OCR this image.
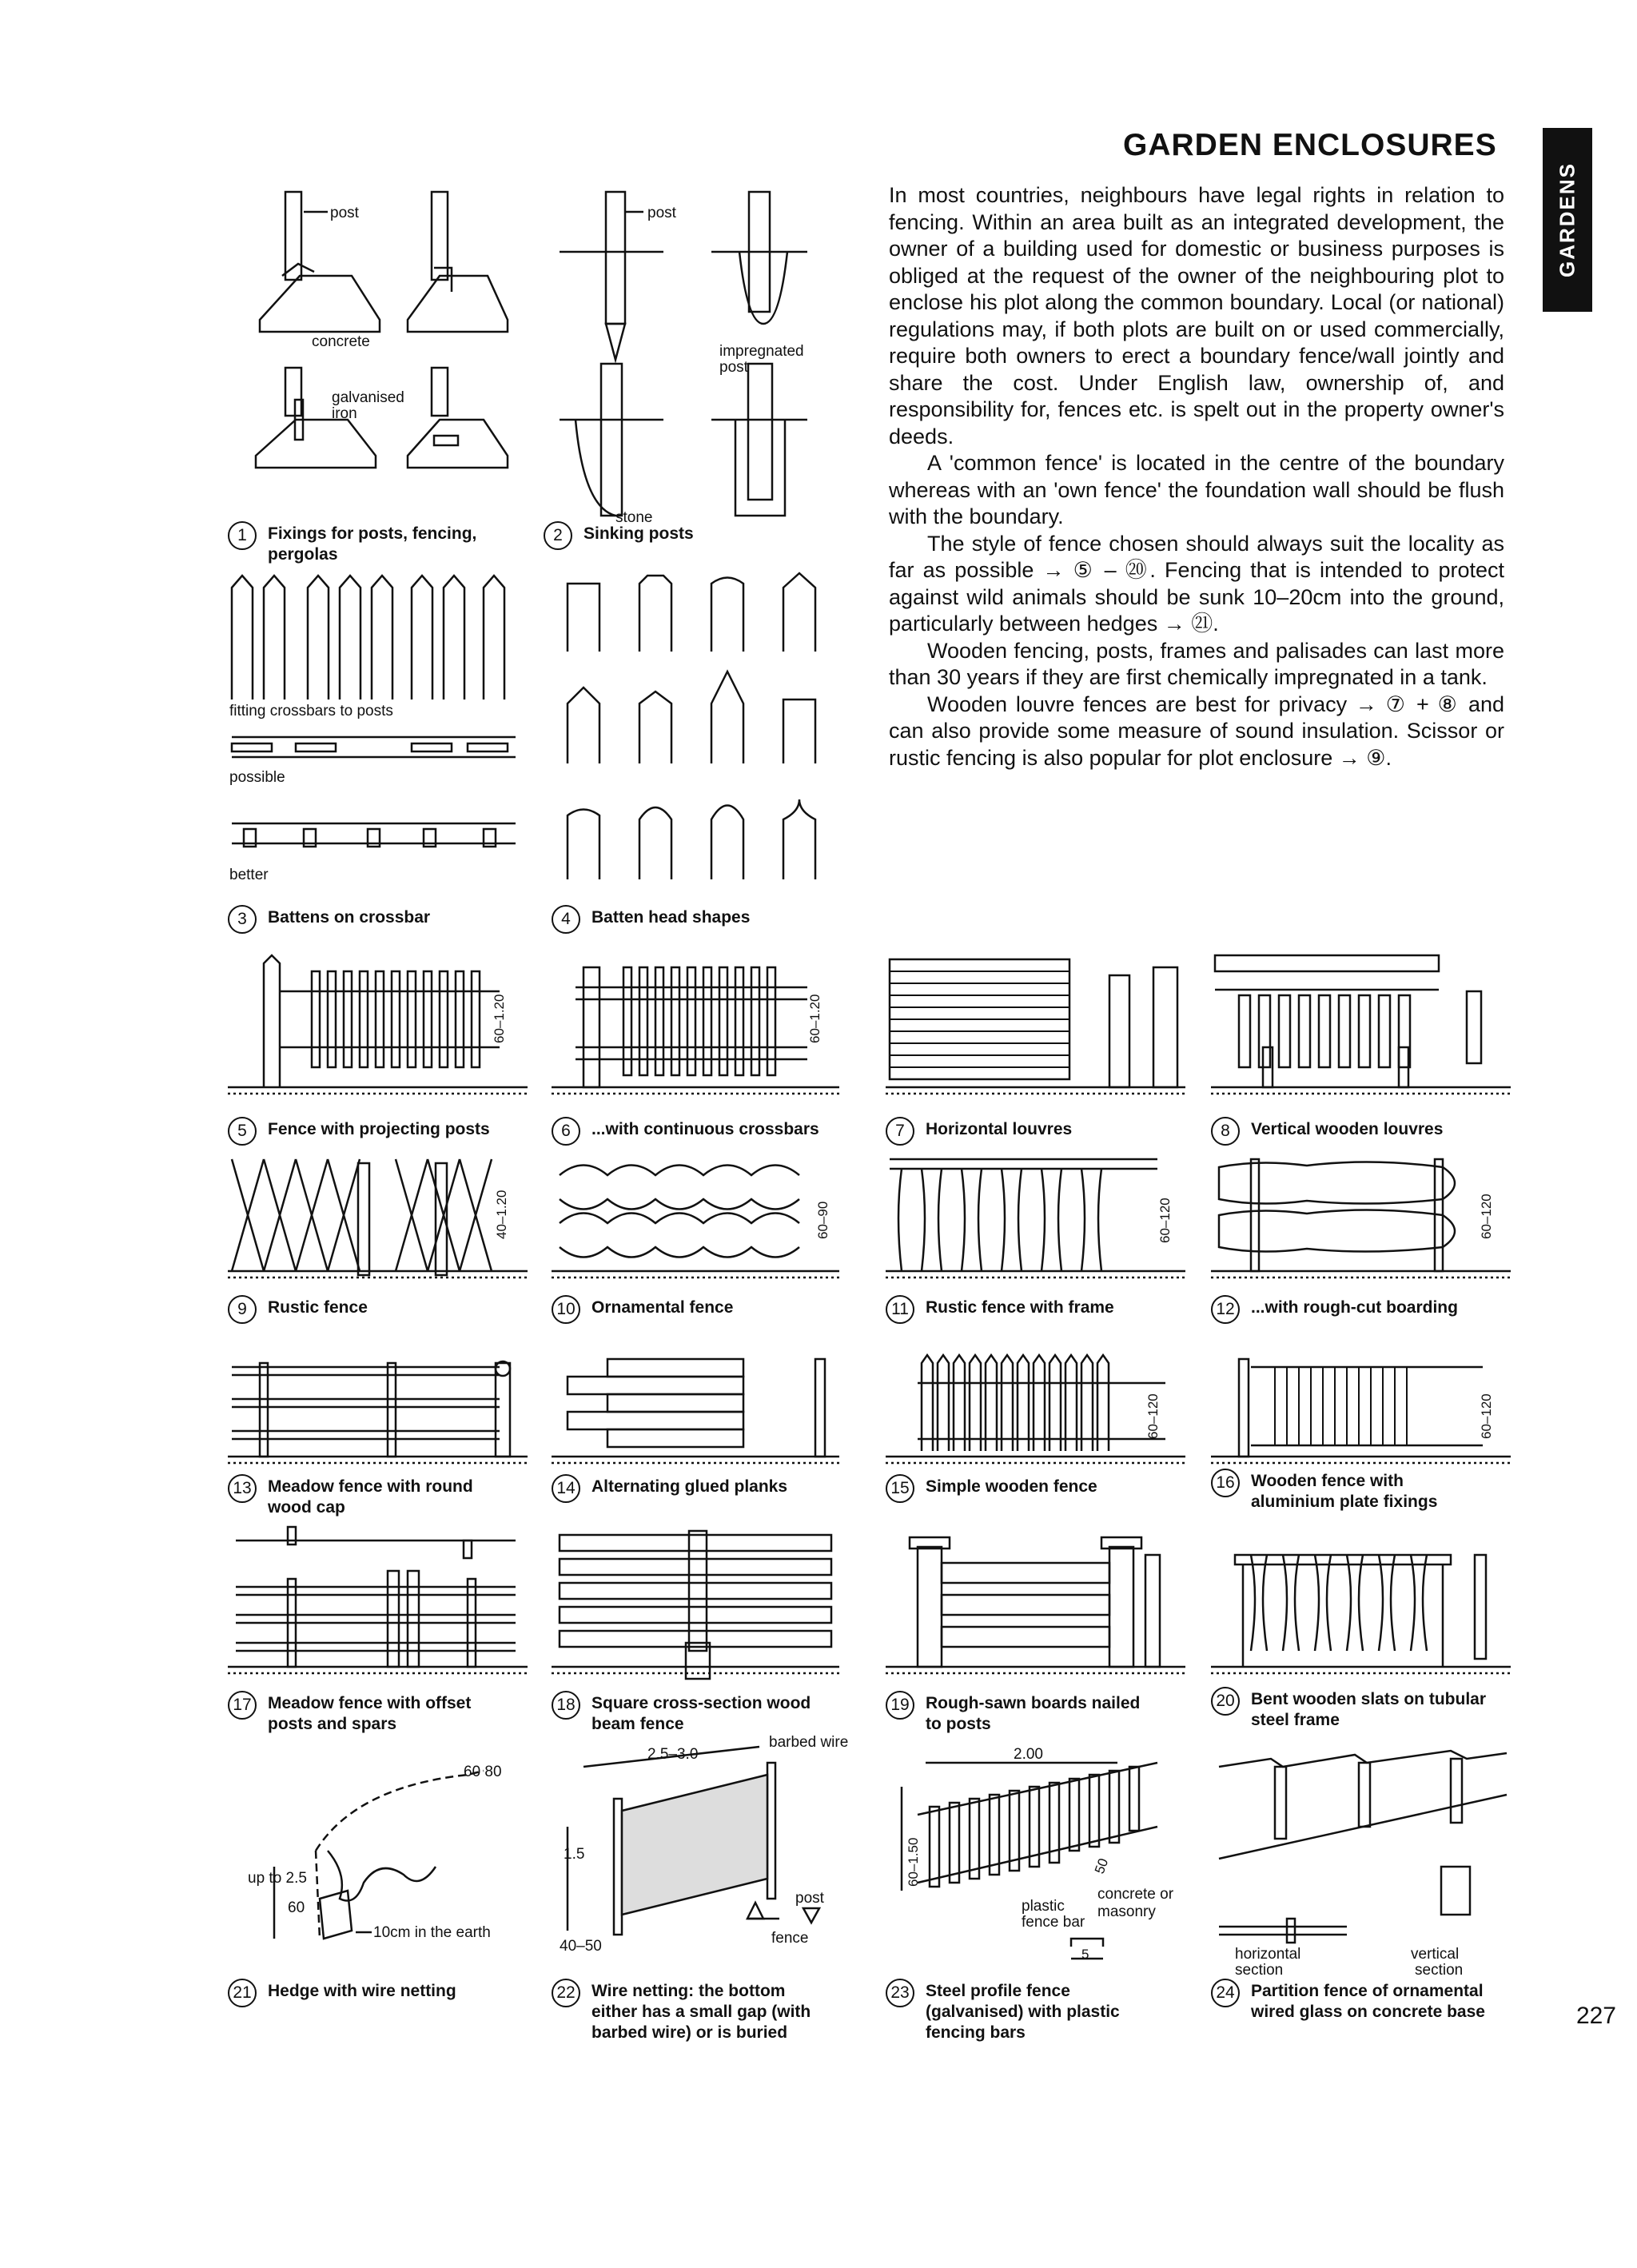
GARDEN ENCLOSURES
GARDENS

In most countries, neighbours have legal rights in relation to fencing. Within an area built as an integrated development, the owner of a building used for domestic or business purposes is obliged at the request of the owner of the neighbouring plot to enclose his plot along the common boundary. Local (or national) regulations may, if both plots are built on or used commercially, require both owners to erect a boundary fence/wall jointly and share the cost. Under English law, ownership of, and responsibility for, fences etc. is spelt out in the property owner's deeds.

A 'common fence' is located in the centre of the boundary whereas with an 'own fence' the foundation wall should be flush with the boundary.

The style of fence chosen should always suit the locality as far as possible → ⑤ – ⑳. Fencing that is intended to protect against wild animals should be sunk 10–20cm into the ground, particularly between hedges → ㉑.

Wooden fencing, posts, frames and palisades can last more than 30 years if they are first chemically impregnated in a tank.

Wooden louvre fences are best for privacy → ⑦ + ⑧ and can also provide some measure of sound insulation. Scissor or rustic fencing is also popular for plot enclosure → ⑨.

227
post
concrete
galvanised
iron
post
impregnated
post
stone
1	Fixings for posts, fencing,
pergolas
2	Sinking posts
fitting crossbars to posts
possible
better
3	Battens on crossbar	4	Batten head shapes
60–1.20	60–1.20
5	Fence with projecting posts	6	...with continuous crossbars	7	Horizontal louvres	8	Vertical wooden louvres
40–1.20	60–90	60–120	60–120
9	Rustic fence	10 Ornamental fence	11	Rustic fence with frame	12 ...with rough-cut boarding
60–120	60–120
13 Meadow fence with round
wood cap
14 Alternating glued planks	15 Simple wooden fence	16 Wooden fence with
aluminium plate fixings
17 Meadow fence with offset
posts and spars
18 Square cross-section wood
beam fence
19 Rough-sawn boards nailed
to posts
20 Bent wooden slats on tubular
steel frame
60 80
up to 2.5
60
10cm in the earth
2.5–3.0
barbed wire
1.5
40–50
post
fence
2.00
60–1.50	50
concrete or
masonry
plastic
fence bar
5	horizontal
section
vertical
section
21 Hedge with wire netting	22 Wire netting: the bottom
either has a small gap (with
barbed wire) or is buried
23 Steel profile fence
(galvanised) with plastic
fencing bars
24 Partition fence of ornamental
wired glass on concrete base
